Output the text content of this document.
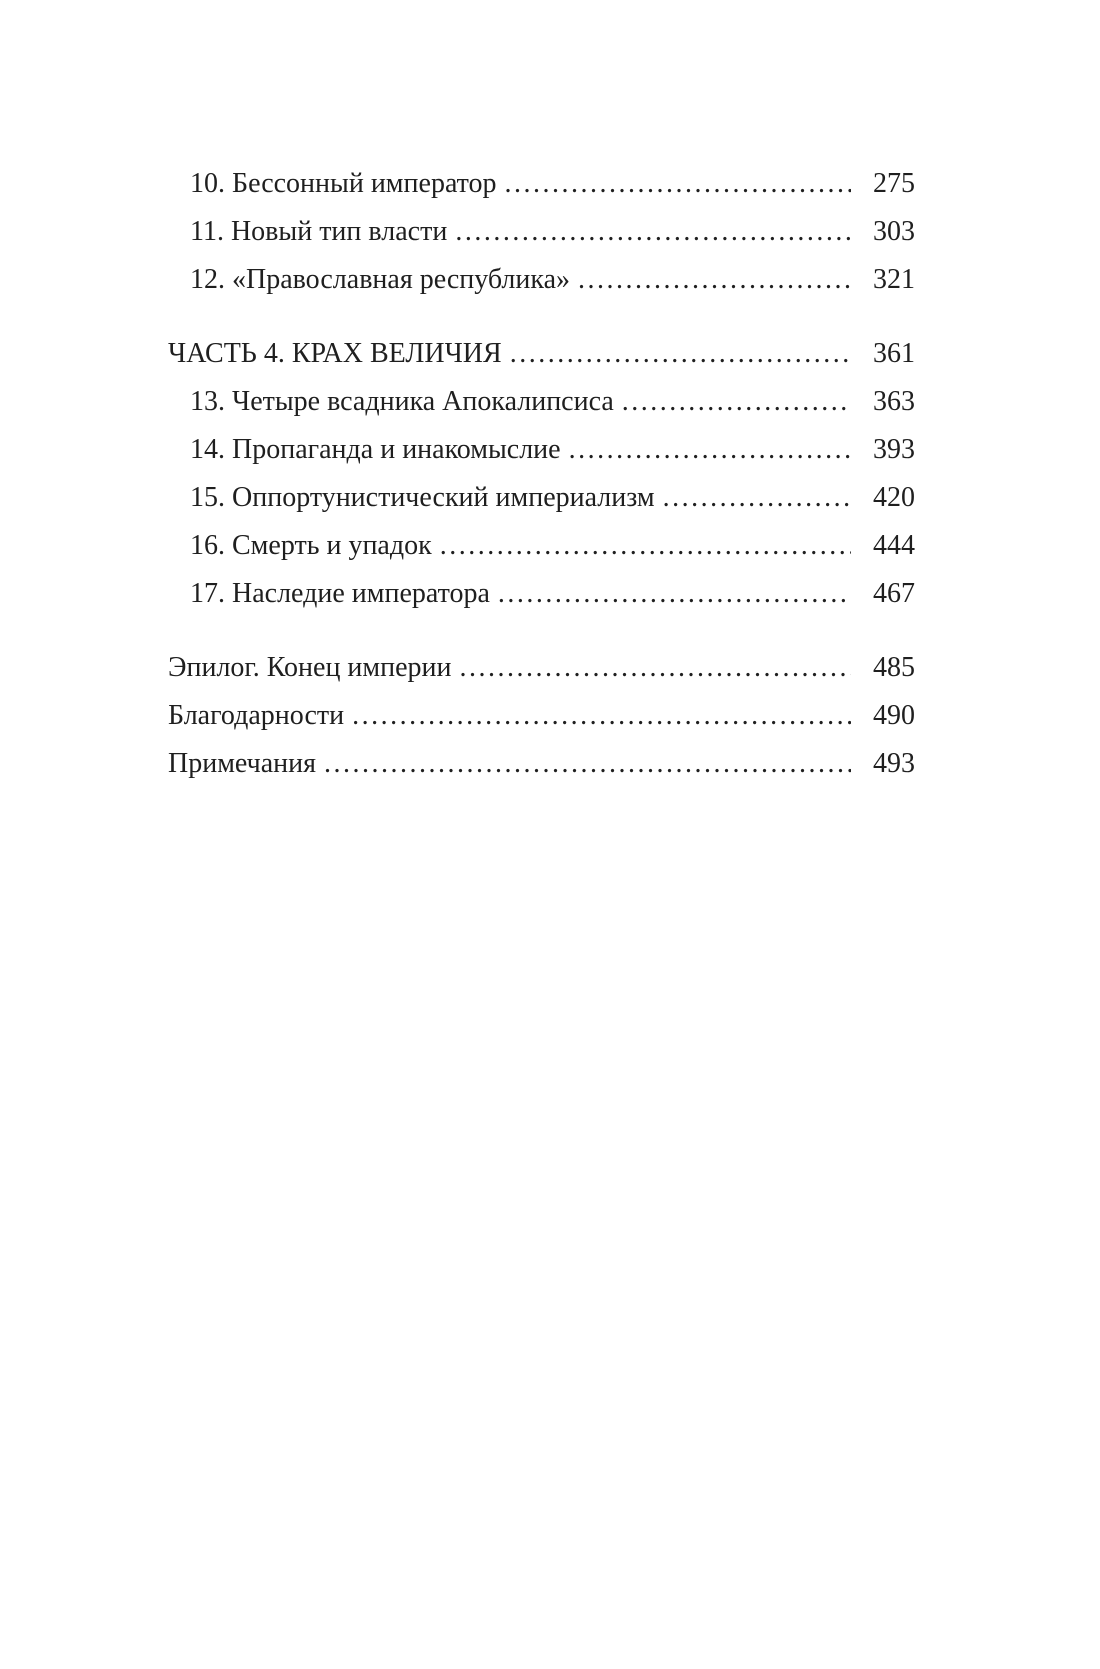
10. Бессонный император .....	275
11. Новый тип власти .....	303
12. «Православная республика» .....	321
ЧАСТЬ 4. КРАХ ВЕЛИЧИЯ .....	361
13. Четыре всадника Апокалипсиса .....	363
14. Пропаганда и инакомыслие .....	393
15. Оппортунистический империализм .....	420
16. Смерть и упадок .....	444
17. Наследие императора .....	467
Эпилог. Конец империи .....	485
Благодарности .....	490
Примечания .....	493
